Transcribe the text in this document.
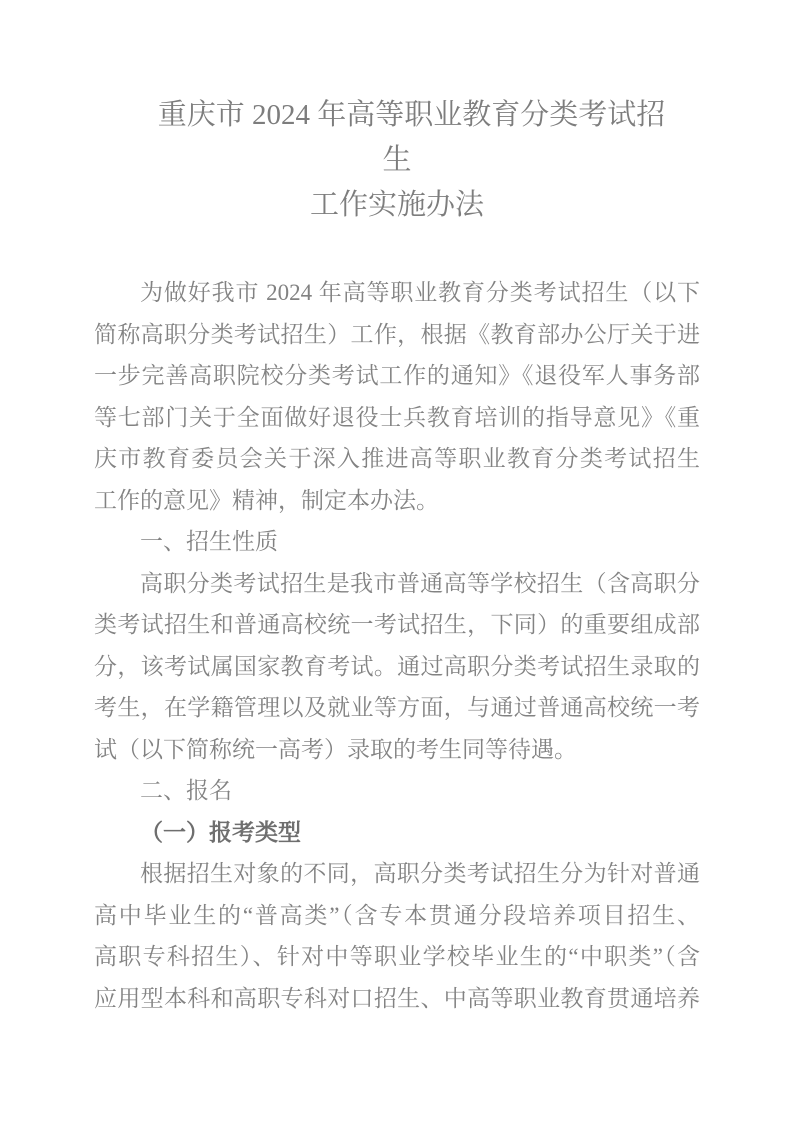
重庆市 2024 年高等职业教育分类考试招
生
工作实施办法
为做好我市 2024 年高等职业教育分类考试招生（以下
简称高职分类考试招生）工作，根据《教育部办公厅关于进
一步完善高职院校分类考试工作的通知》《退役军人事务部
等七部门关于全面做好退役士兵教育培训的指导意见》《重
庆市教育委员会关于深入推进高等职业教育分类考试招生
工作的意见》精神，制定本办法。
一、招生性质
高职分类考试招生是我市普通高等学校招生（含高职分
类考试招生和普通高校统一考试招生，下同）的重要组成部
分，该考试属国家教育考试。通过高职分类考试招生录取的
考生，在学籍管理以及就业等方面，与通过普通高校统一考
试（以下简称统一高考）录取的考生同等待遇。
二、报名
（一）报考类型
根据招生对象的不同，高职分类考试招生分为针对普通
高中毕业生的“普高类”（含专本贯通分段培养项目招生、
高职专科招生）、针对中等职业学校毕业生的“中职类”（含
应用型本科和高职专科对口招生、中高等职业教育贯通培养
